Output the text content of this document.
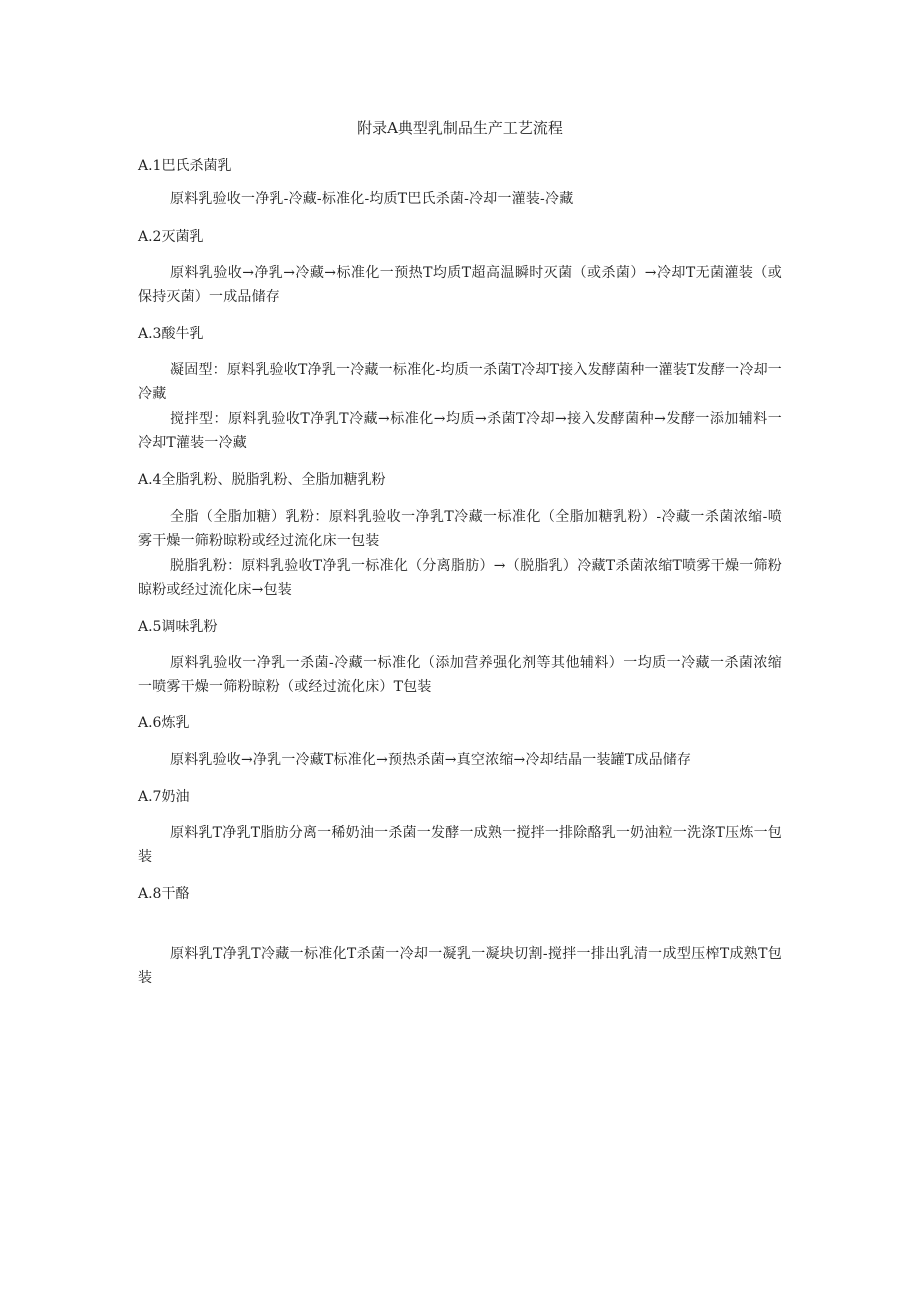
附录A典型乳制品生产工艺流程
A.1巴氏杀菌乳
原料乳验收一净乳-冷藏-标准化-均质T巴氏杀菌-冷却一灌装-冷藏
A.2灭菌乳
原料乳验收→净乳→冷藏→标准化一预热T均质T超高温瞬时灭菌（或杀菌）→冷却T无菌灌装（或保持灭菌）一成品储存
A.3酸牛乳
凝固型：原料乳验收T净乳一冷藏一标准化-均质一杀菌T冷却T接入发酵菌种一灌装T发酵一冷却一冷藏
搅拌型：原料乳验收T净乳T冷藏→标准化→均质→杀菌T冷却→接入发酵菌种→发酵一添加辅料一冷却T灌装一冷藏
A.4全脂乳粉、脱脂乳粉、全脂加糖乳粉
全脂（全脂加糖）乳粉：原料乳验收一净乳T冷藏一标准化（全脂加糖乳粉）-冷藏一杀菌浓缩-喷雾干燥一筛粉晾粉或经过流化床一包装
脱脂乳粉：原料乳验收T净乳一标准化（分离脂肪）→（脱脂乳）冷藏T杀菌浓缩T喷雾干燥一筛粉晾粉或经过流化床→包装
A.5调味乳粉
原料乳验收一净乳一杀菌-冷藏一标准化（添加营养强化剂等其他辅料）一均质一冷藏一杀菌浓缩一喷雾干燥一筛粉晾粉（或经过流化床）T包装
A.6炼乳
原料乳验收→净乳一冷藏T标准化→预热杀菌→真空浓缩→冷却结晶一装罐T成品储存
A.7奶油
原料乳T净乳T脂肪分离一稀奶油一杀菌一发酵一成熟一搅拌一排除酪乳一奶油粒一洗涤T压炼一包装
A.8干酪
原料乳T净乳T冷藏一标准化T杀菌一冷却一凝乳一凝块切割-搅拌一排出乳清一成型压榨T成熟T包装
